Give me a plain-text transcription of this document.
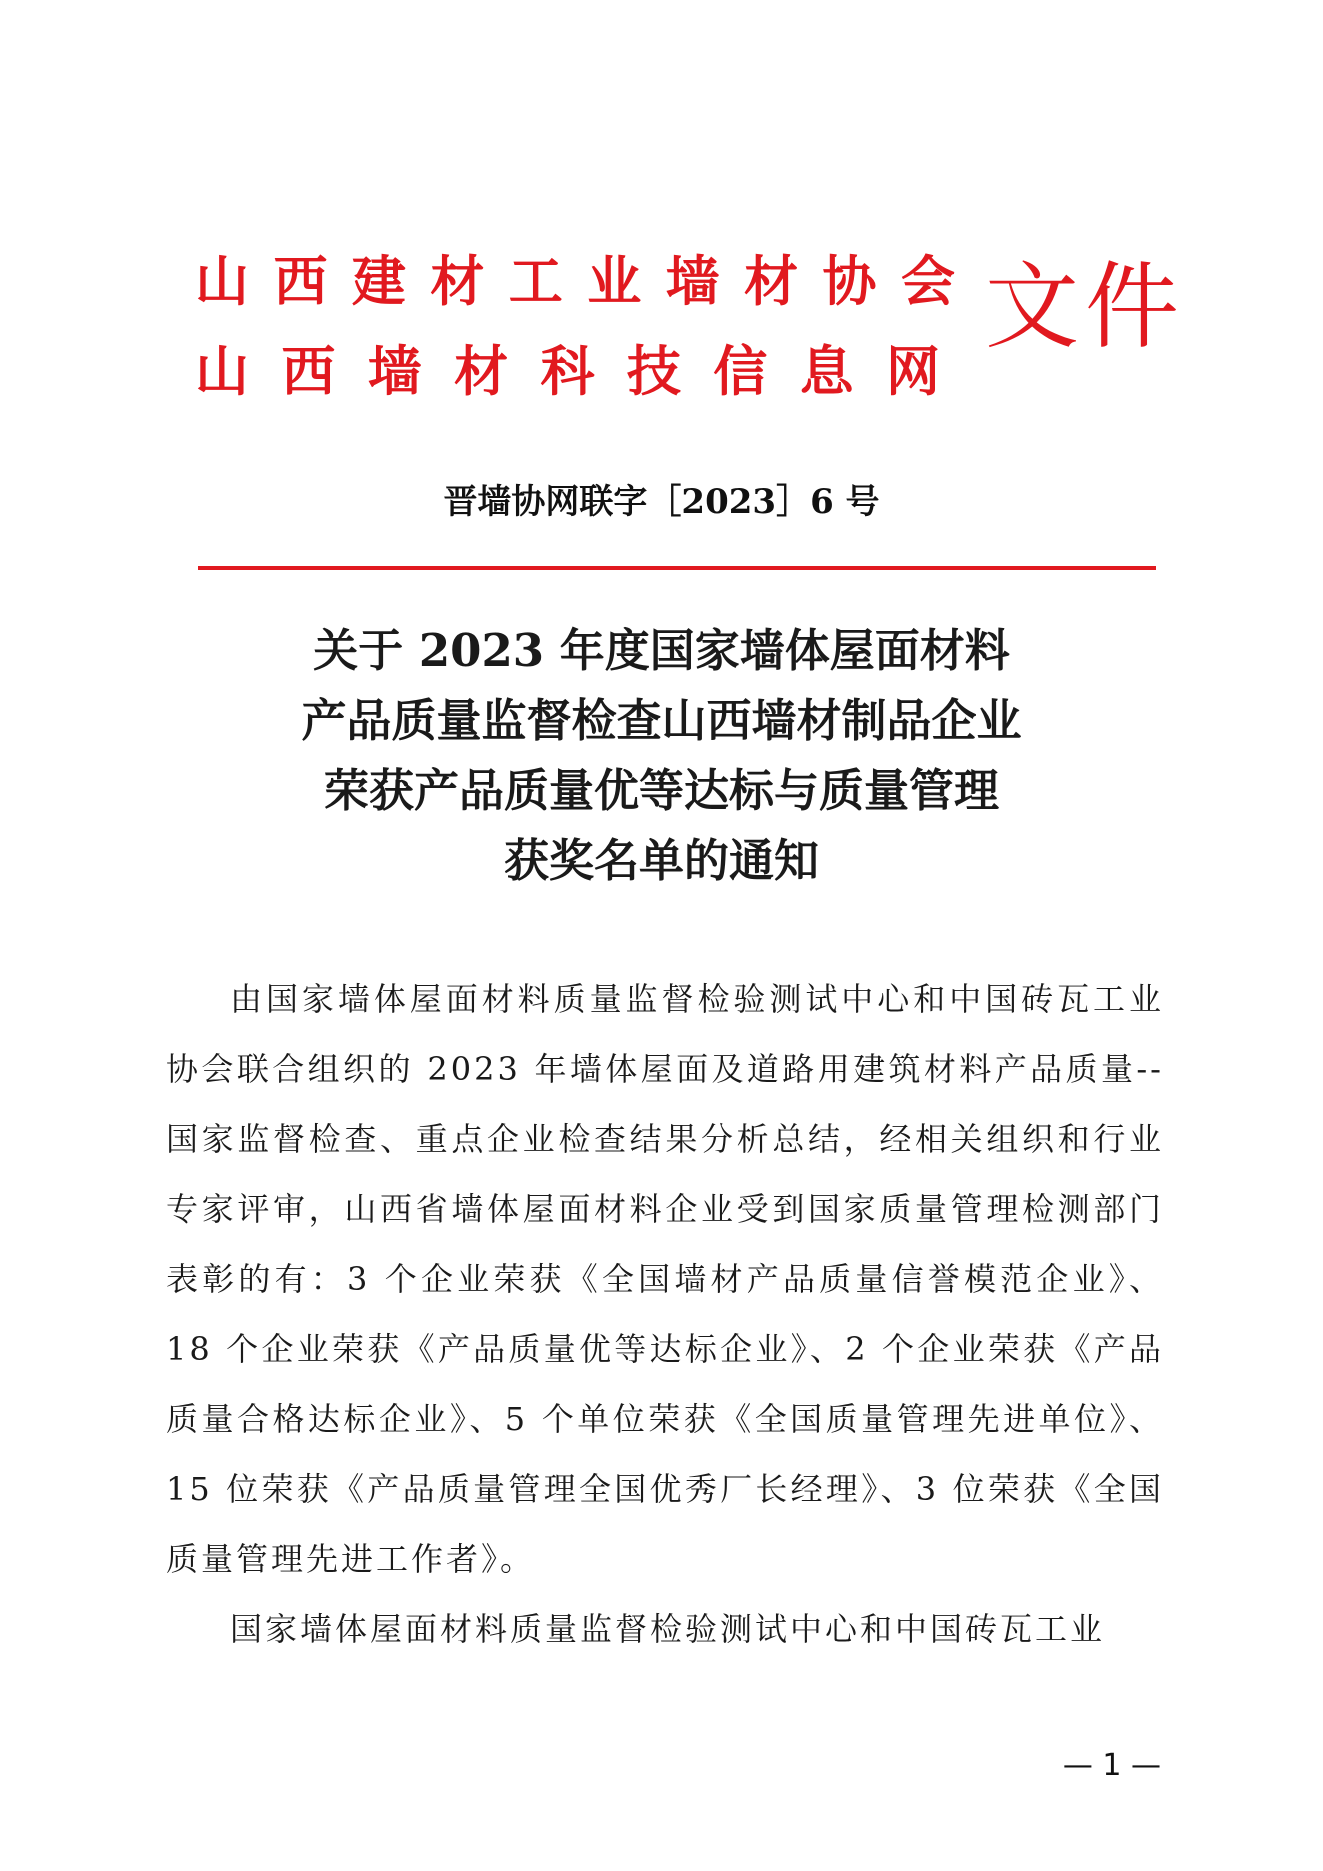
山 西 建 材 工 业 墙 材 协 会
山 西 墙 材 科 技 信 息 网
文件
晋墙协网联字［2023］6 号
关于 2023 年度国家墙体屋面材料
产品质量监督检查山西墙材制品企业
荣获产品质量优等达标与质量管理
获奖名单的通知

由国家墙体屋面材料质量监督检验测试中心和中国砖瓦工业协会联合组织的 2023 年墙体屋面及道路用建筑材料产品质量--国家监督检查、重点企业检查结果分析总结，经相关组织和行业专家评审，山西省墙体屋面材料企业受到国家质量管理检测部门表彰的有：3 个企业荣获《全国墙材产品质量信誉模范企业》、18 个企业荣获《产品质量优等达标企业》、2 个企业荣获《产品质量合格达标企业》、5 个单位荣获《全国质量管理先进单位》、15 位荣获《产品质量管理全国优秀厂长经理》、3 位荣获《全国质量管理先进工作者》。

国家墙体屋面材料质量监督检验测试中心和中国砖瓦工业

— 1 —
